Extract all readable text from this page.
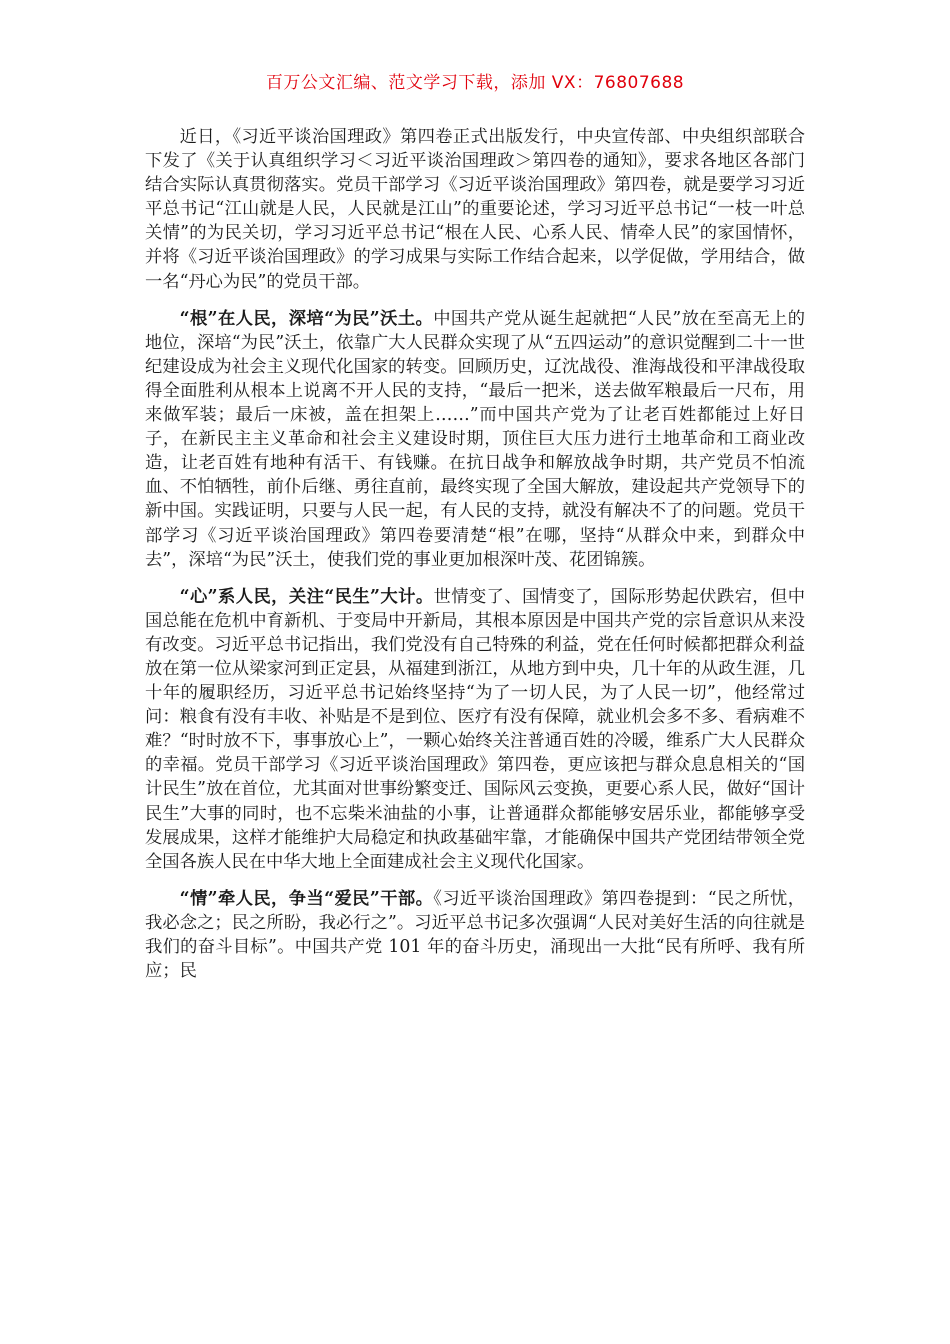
百万公文汇编、范文学习下载，添加 VX：76807688

近日，《习近平谈治国理政》第四卷正式出版发行，中央宣传部、中央组织部联合下发了《关于认真组织学习＜习近平谈治国理政＞第四卷的通知》，要求各地区各部门结合实际认真贯彻落实。党员干部学习《习近平谈治国理政》第四卷，就是要学习习近平总书记“江山就是人民，人民就是江山”的重要论述，学习习近平总书记“一枝一叶总关情”的为民关切，学习习近平总书记“根在人民、心系人民、情牵人民”的家国情怀，并将《习近平谈治国理政》的学习成果与实际工作结合起来，以学促做，学用结合，做一名“丹心为民”的党员干部。

“根”在人民，深培“为民”沃土。中国共产党从诞生起就把“人民”放在至高无上的地位，深培“为民”沃土，依靠广大人民群众实现了从“五四运动”的意识觉醒到二十一世纪建设成为社会主义现代化国家的转变。回顾历史，辽沈战役、淮海战役和平津战役取得全面胜利从根本上说离不开人民的支持，“最后一把米，送去做军粮最后一尺布，用来做军装；最后一床被，盖在担架上……”而中国共产党为了让老百姓都能过上好日子，在新民主主义革命和社会主义建设时期，顶住巨大压力进行土地革命和工商业改造，让老百姓有地种有活干、有钱赚。在抗日战争和解放战争时期，共产党员不怕流血、不怕牺牲，前仆后继、勇往直前，最终实现了全国大解放，建设起共产党领导下的新中国。实践证明，只要与人民一起，有人民的支持，就没有解决不了的问题。党员干部学习《习近平谈治国理政》第四卷要清楚“根”在哪，坚持“从群众中来，到群众中去”，深培“为民”沃土，使我们党的事业更加根深叶茂、花团锦簇。

“心”系人民，关注“民生”大计。世情变了、国情变了，国际形势起伏跌宕，但中国总能在危机中育新机、于变局中开新局，其根本原因是中国共产党的宗旨意识从来没有改变。习近平总书记指出，我们党没有自己特殊的利益，党在任何时候都把群众利益放在第一位从梁家河到正定县，从福建到浙江，从地方到中央，几十年的从政生涯，几十年的履职经历，习近平总书记始终坚持“为了一切人民，为了人民一切”，他经常过问：粮食有没有丰收、补贴是不是到位、医疗有没有保障，就业机会多不多、看病难不难？“时时放不下，事事放心上”，一颗心始终关注普通百姓的冷暖，维系广大人民群众的幸福。党员干部学习《习近平谈治国理政》第四卷，更应该把与群众息息相关的“国计民生”放在首位，尤其面对世事纷繁变迁、国际风云变换，更要心系人民，做好“国计民生”大事的同时，也不忘柴米油盐的小事，让普通群众都能够安居乐业，都能够享受发展成果，这样才能维护大局稳定和执政基础牢靠，才能确保中国共产党团结带领全党全国各族人民在中华大地上全面建成社会主义现代化国家。

“情”牵人民，争当“爱民”干部。《习近平谈治国理政》第四卷提到：“民之所忧，我必念之；民之所盼，我必行之”。习近平总书记多次强调“人民对美好生活的向往就是我们的奋斗目标”。中国共产党 101 年的奋斗历史，涌现出一大批“民有所呼、我有所应；民
